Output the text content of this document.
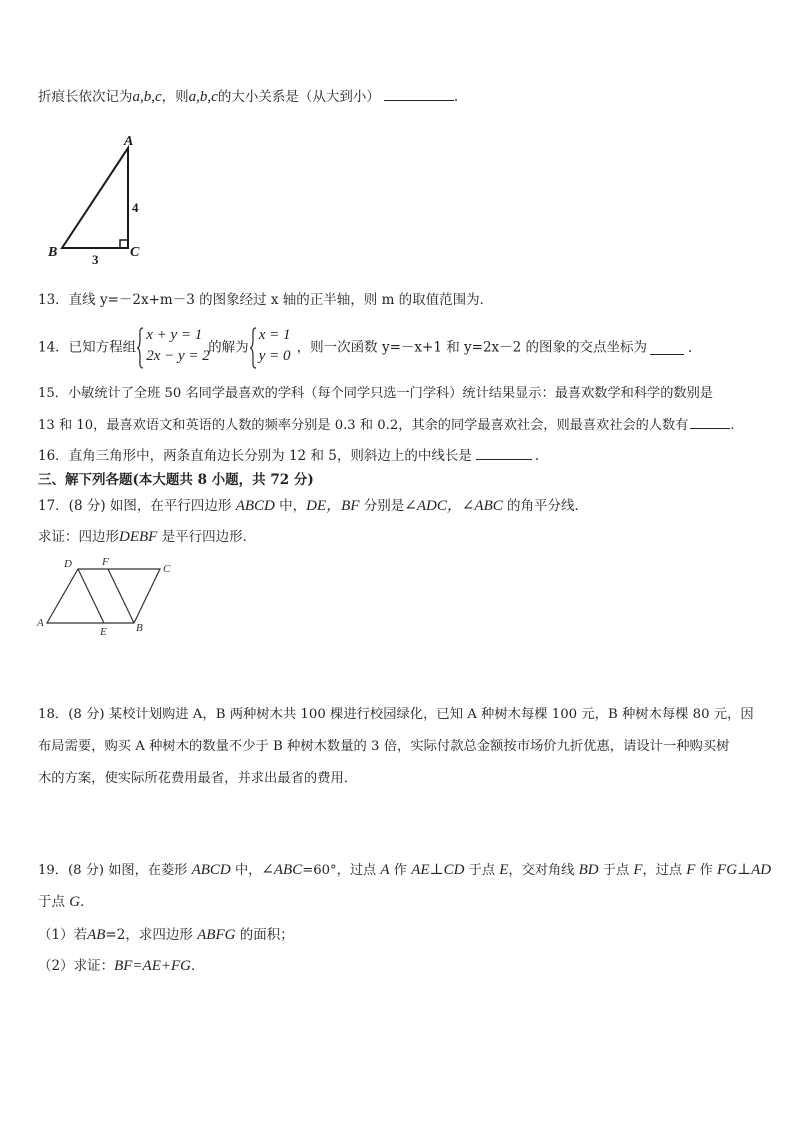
折痕长依次记为a,b,c，则a,b,c的大小关系是（从大到小）	.
A
B	C
4
3
13．直线 y=－2x+m－3 的图象经过 x 轴的正半轴，则 m 的取值范围为．
14．已知方程组
x + y = 1
2x − y = 2
的解为
x = 1
y = 0 ，则一次函数 y=－x+1 和 y=2x－2 的图象的交点坐标为	.
15．小敏统计了全班 50 名同学最喜欢的学科（每个同学只选一门学科）统计结果显示：最喜欢数学和科学的数别是
13 和 10，最喜欢语文和英语的人数的频率分别是 0.3 和 0.2，其余的同学最喜欢社会，则最喜欢社会的人数有	.
16．直角三角形中，两条直角边长分别为 12 和 5，则斜边上的中线长是	.
三、解下列各题(本大题共 8 小题，共 72 分)
17．(8 分) 如图，在平行四边形 ABCD 中，DE，BF 分别是∠ADC，∠ABC 的角平分线．
求证：四边形DEBF 是平行四边形．
D	F
C
A
E	B
18．(8 分) 某校计划购进 A，B 两种树木共 100 棵进行校园绿化，已知 A 种树木每棵 100 元，B 种树木每棵 80 元，因
布局需要，购买 A 种树木的数量不少于 B 种树木数量的 3 倍，实际付款总金额按市场价九折优惠，请设计一种购买树
木的方案，使实际所花费用最省，并求出最省的费用．
19．(8 分) 如图，在菱形 ABCD 中，∠ABC=60°，过点 A 作 AE⊥CD 于点 E，交对角线 BD 于点 F，过点 F 作 FG⊥AD
于点 G．
（1）若AB=2，求四边形 ABFG 的面积；
（2）求证：BF=AE+FG．
